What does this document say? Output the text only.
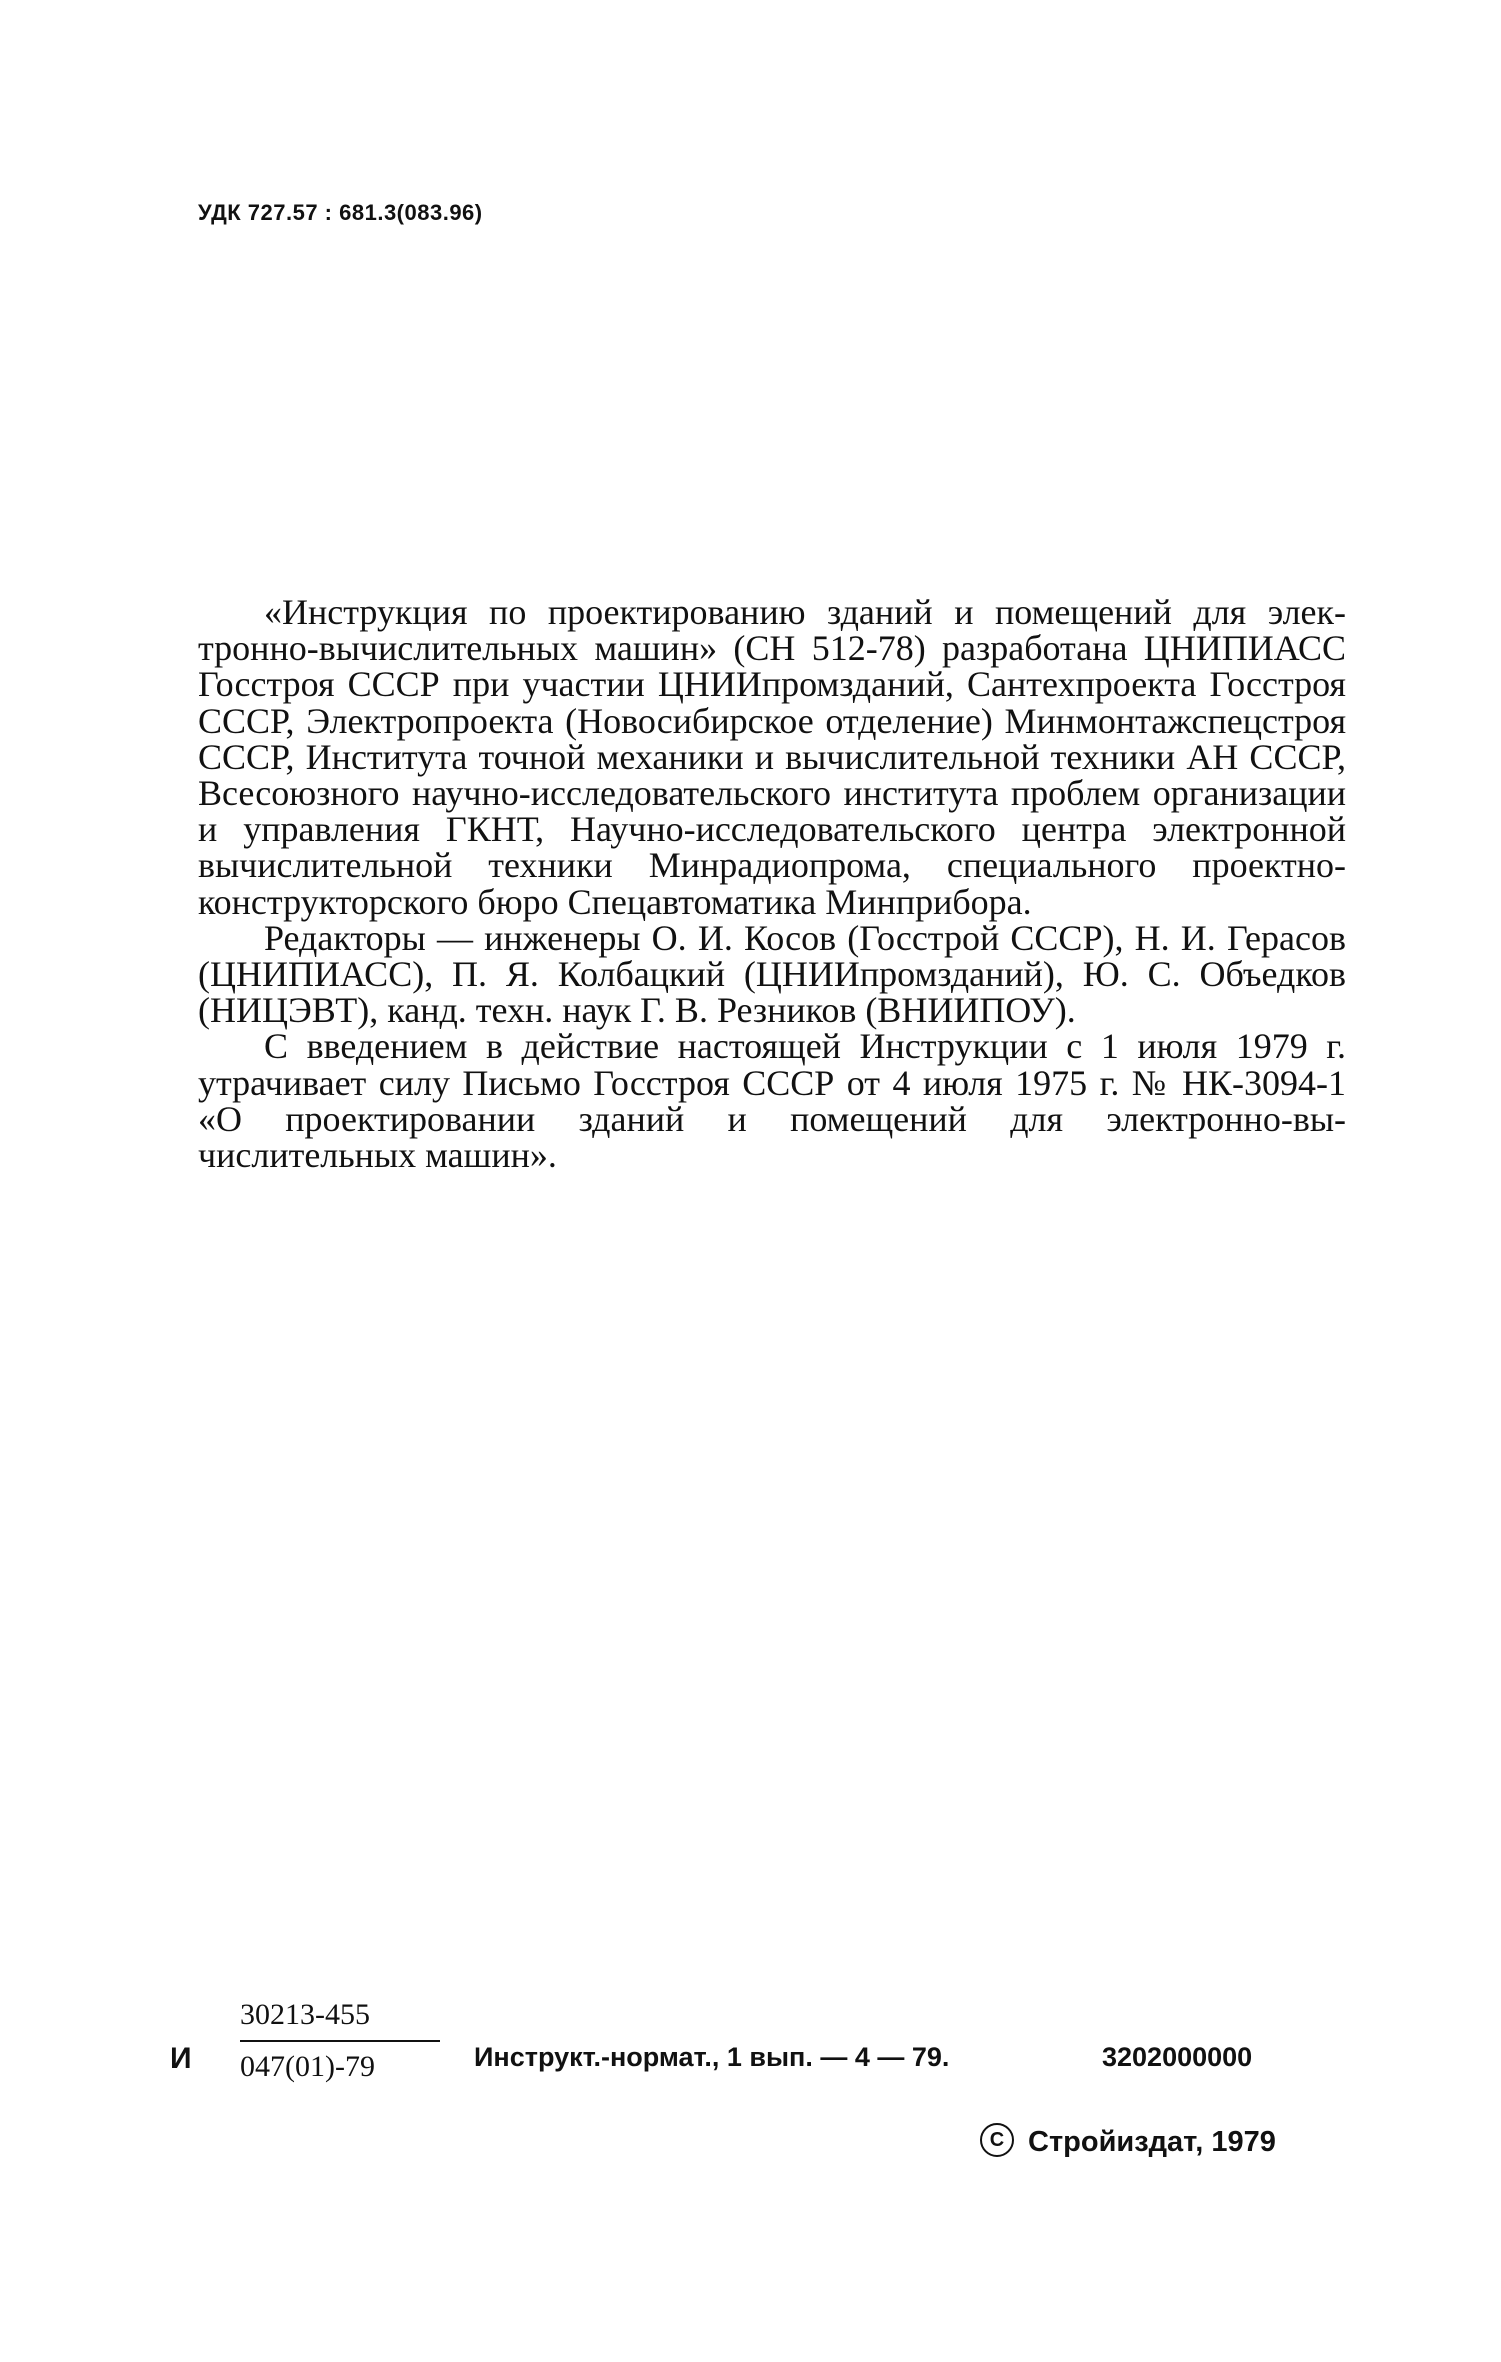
УДК 727.57 : 681.3(083.96)

«Инструкция по проектированию зданий и помещений для электронно-вычислительных машин» (СН 512-78) разработана ЦНИПИАСС Госстроя СССР при участии ЦНИИпромзданий, Сантехпроекта Госстроя СССР, Электропроекта (Новосибирское отделение) Минмонтажспецстроя СССР, Института точной механики и вычислительной техники АН СССР, Всесоюзного научно-исследовательского института проблем организации и управления ГКНТ, Научно-исследовательского центра электронной вычислительной техники Минрадиопрома, специального проектно-конструкторского бюро Спецавтоматика Минприбора.

Редакторы — инженеры О. И. Косов (Госстрой СССР), Н. И. Герасов (ЦНИПИАСС), П. Я. Колбацкий (ЦНИИпромзданий), Ю. С. Объедков (НИЦЭВТ), канд. техн. наук Г. В. Резников (ВНИИПОУ).

С введением в действие настоящей Инструкции с 1 июля 1979 г. утрачивает силу Письмо Госстроя СССР от 4 июля 1975 г. № НК-3094-1 «О проектировании зданий и помещений для электронно-вычислительных машин».

И $\frac{30213-455}{047(01)-79}$ Инструкт.-нормат., 1 вып. — 4 — 79.	3202000000
C Стройиздат, 1979
